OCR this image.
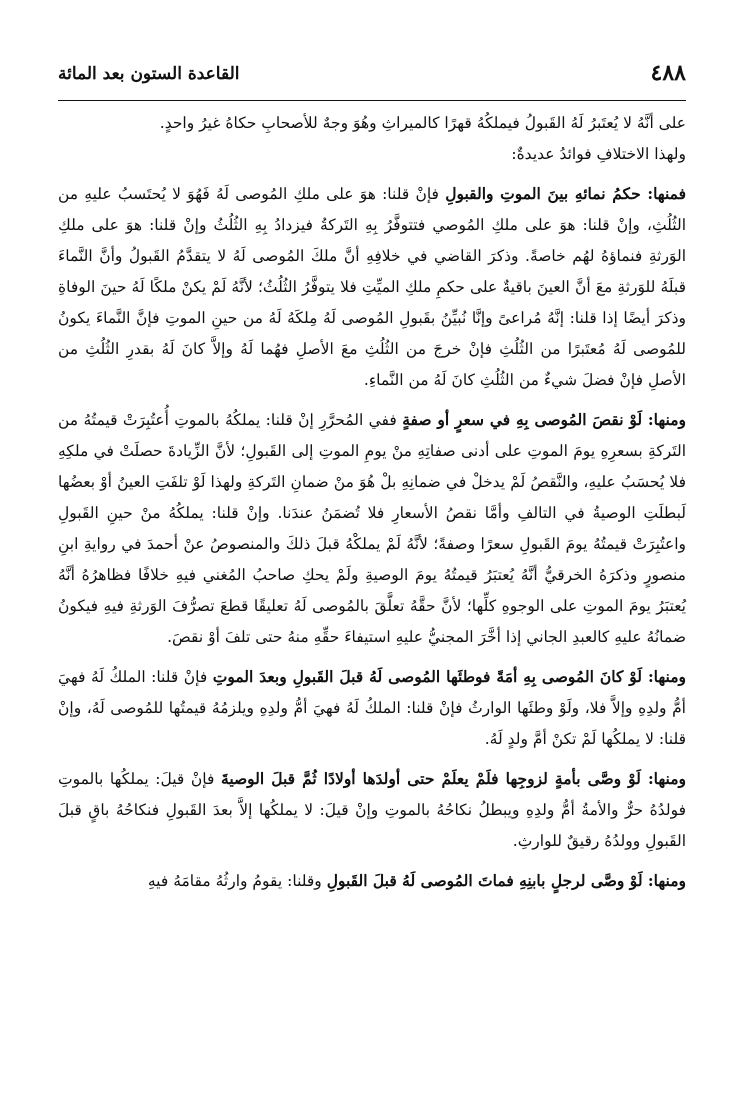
٤٨٨
القاعدة الستون بعد المائة

على أنَّهُ لا يُعتَبرُ لَهُ القَبولُ فيملكُهُ قهرًا كالميراثِ وهُوَ وجهٌ للأصحابِ حكاهُ غيرُ واحدٍ.

ولهذا الاختلافِ فوائدُ عديدةٌ:

فمنها: حكمُ نمائهِ بينَ الموتِ والقبولِ فإنْ قلنا: هوَ على ملكِ المُوصى لَهُ فَهُوَ لا يُحتَسبُ عليهِ من الثُلُثِ، وإنْ قلنا: هوَ على ملكِ المُوصي فتتوفَّرُ بِهِ التَركةُ فيزدادُ بِهِ الثُلُثُ وإنْ قلنا: هوَ على ملكِ الوَرثةِ فنماؤهُ لهُم خاصةً. وذكرَ القاضي في خلافِهِ أنَّ ملكَ المُوصى لَهُ لا يتقدَّمُ القَبولُ وأنَّ النَّماءَ قبلَهُ للوَرثةِ معَ أنَّ العينَ باقيةٌ على حكمِ ملكِ الميِّتِ فلا يتوفَّرُ الثُلُثُ؛ لأنَّهُ لَمْ يكنْ ملكًا لَهُ حينَ الوفاةِ وذكرَ أيضًا إذا قلنا: إنَّهُ مُراعىً وإنَّا نُبيِّنُ بقَبولِ المُوصى لَهُ مِلكَهُ لَهُ من حينِ الموتِ فإنَّ النَّماءَ يكونُ للمُوصى لَهُ مُعتَبرًا من الثُلُثِ فإنْ خرجَ من الثُلُثِ معَ الأصلِ فهُما لَهُ وإلاَّ كانَ لَهُ بقدرِ الثُلُثِ من الأصلِ فإنْ فضلَ شيءٌ من الثُلُثِ كانَ لَهُ من النَّماءِ.

ومنها: لَوْ نقصَ المُوصى بِهِ في سعرٍ أو صفةٍ ففي المُحرَّرِ إنْ قلنا: يملكُهُ بالموتِ أُعتُبِرَتْ قيمتُهُ من التَركةِ بسعرِهِ يومَ الموتِ على أدنى صفاتِهِ منْ يومِ الموتِ إلى القَبولِ؛ لأنَّ الزِّيادةَ حصلَتْ في ملكِهِ فلا يُحسَبُ عليهِ، والنَّقصُ لَمْ يدخلْ في ضمانِهِ بلْ هُوَ منْ ضمانِ التَركةِ ولهذا لَوْ تلفَتِ العينُ أوْ بعضُها لَبطلَتِ الوصيةُ في التالفِ وأمَّا نقصُ الأسعارِ فلا تُضمَنُ عندَنا. وإنْ قلنا: يملكُهُ منْ حينِ القَبولِ واعتُبِرَتْ قيمتُهُ يومَ القَبولِ سعرًا وصفةً؛ لأنَّهُ لَمْ يملكْهُ قبلَ ذلكَ والمنصوصُ عنْ أحمدَ في روايةِ ابنِ منصورٍ وذكرَهُ الخرقيُّ أنَّهُ يُعتبَرُ قيمتُهُ يومَ الوصيةِ ولَمْ يحكِ صاحبُ المُغني فيهِ خلافًا فظاهرُهُ أنَّهُ يُعتبَرُ يومَ الموتِ على الوجوهِ كلِّها؛ لأنَّ حقَّهُ تعلَّقَ بالمُوصى لَهُ تعليقًا قطعَ تصرُّفَ الوَرثةِ فيهِ فيكونُ ضمانُهُ عليهِ كالعبدِ الجاني إذا أخَّرَ المجنيُّ عليهِ استيفاءَ حقِّهِ منهُ حتى تلفَ أوْ نقصَ.

ومنها: لَوْ كانَ المُوصى بِهِ أمَةً فوطئَها المُوصى لَهُ قبلَ القَبولِ وبعدَ الموتِ فإنْ قلنا: الملكُ لَهُ فهيَ أمُّ ولدِهِ وإلاَّ فلا، ولَوْ وطئَها الوارثُ فإنْ قلنا: الملكُ لَهُ فهيَ أمُّ ولدِهِ ويلزمُهُ قيمتُها للمُوصى لَهُ، وإنْ قلنا: لا يملكُها لَمْ تكنْ أمَّ ولدٍ لَهُ.

ومنها: لَوْ وصَّى بأمةٍ لزوجِها فلَمْ يعلَمْ حتى أولدَها أولادًا ثُمَّ قبلَ الوصيةَ فإنْ قيلَ: يملكُها بالموتِ فولدُهُ حرٌّ والأمةُ أمُّ ولدِهِ ويبطلُ نكاحُهُ بالموتِ وإنْ قيلَ: لا يملكُها إلاَّ بعدَ القَبولِ فنكاحُهُ باقٍ قبلَ القَبولِ وولدُهُ رقيقٌ للوارثِ.

ومنها: لَوْ وصَّى لرجلٍ بابنِهِ فماتَ المُوصى لَهُ قبلَ القَبولِ وقلنا: يقومُ وارثُهُ مقامَهُ فيهِ
